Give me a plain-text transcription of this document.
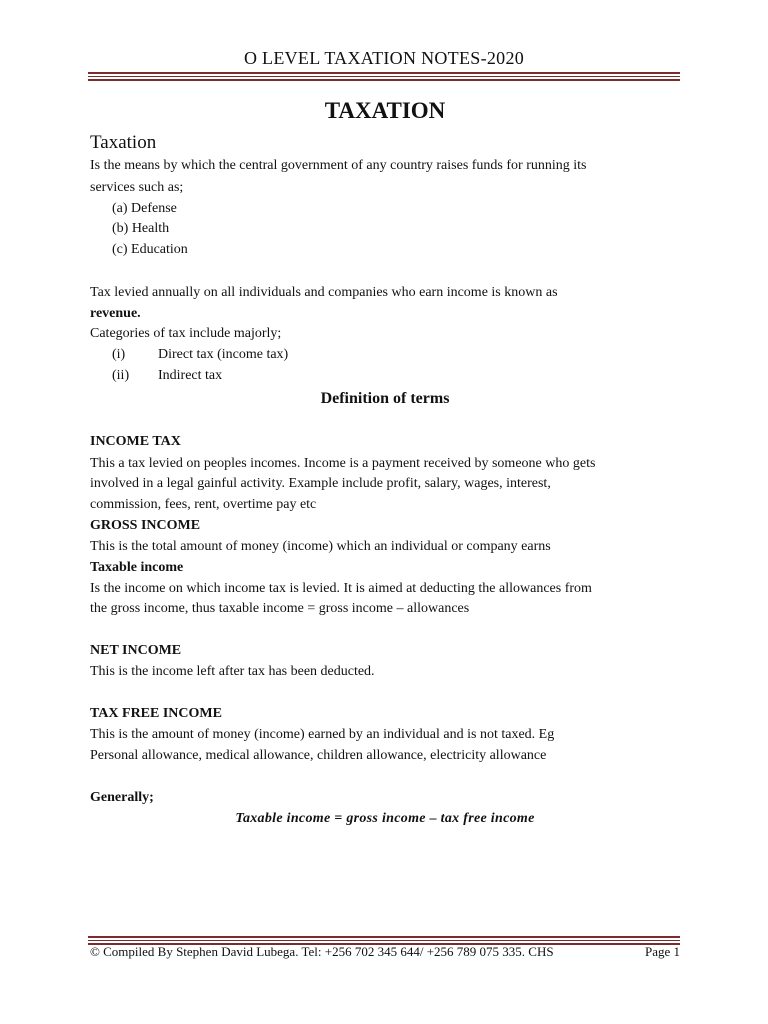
O LEVEL TAXATION NOTES-2020
TAXATION
Taxation
Is the means by which the central government of any country raises funds for running its
services such as;
(a) Defense
(b) Health
(c) Education
Tax levied annually on all individuals and companies who earn income is known as
revenue.
Categories of tax include majorly;
(i) Direct tax (income tax)
(ii) Indirect tax
Definition of terms
INCOME TAX
This a tax levied on peoples incomes. Income is a payment received by someone who gets
involved in a legal gainful activity. Example include profit, salary, wages, interest,
commission, fees, rent, overtime pay etc
GROSS INCOME
This is the total amount of money (income) which an individual or company earns
Taxable income
Is the income on which income tax is levied. It is aimed at deducting the allowances from
the gross income, thus taxable income = gross income – allowances
NET INCOME
This is the income left after tax has been deducted.
TAX FREE INCOME
This is the amount of money (income) earned by an individual and is not taxed. Eg
Personal allowance, medical allowance, children allowance, electricity allowance
Generally;
Taxable income = gross income – tax free income
© Compiled By Stephen David Lubega. Tel: +256 702 345 644/ +256 789 075 335. CHS	Page 1
